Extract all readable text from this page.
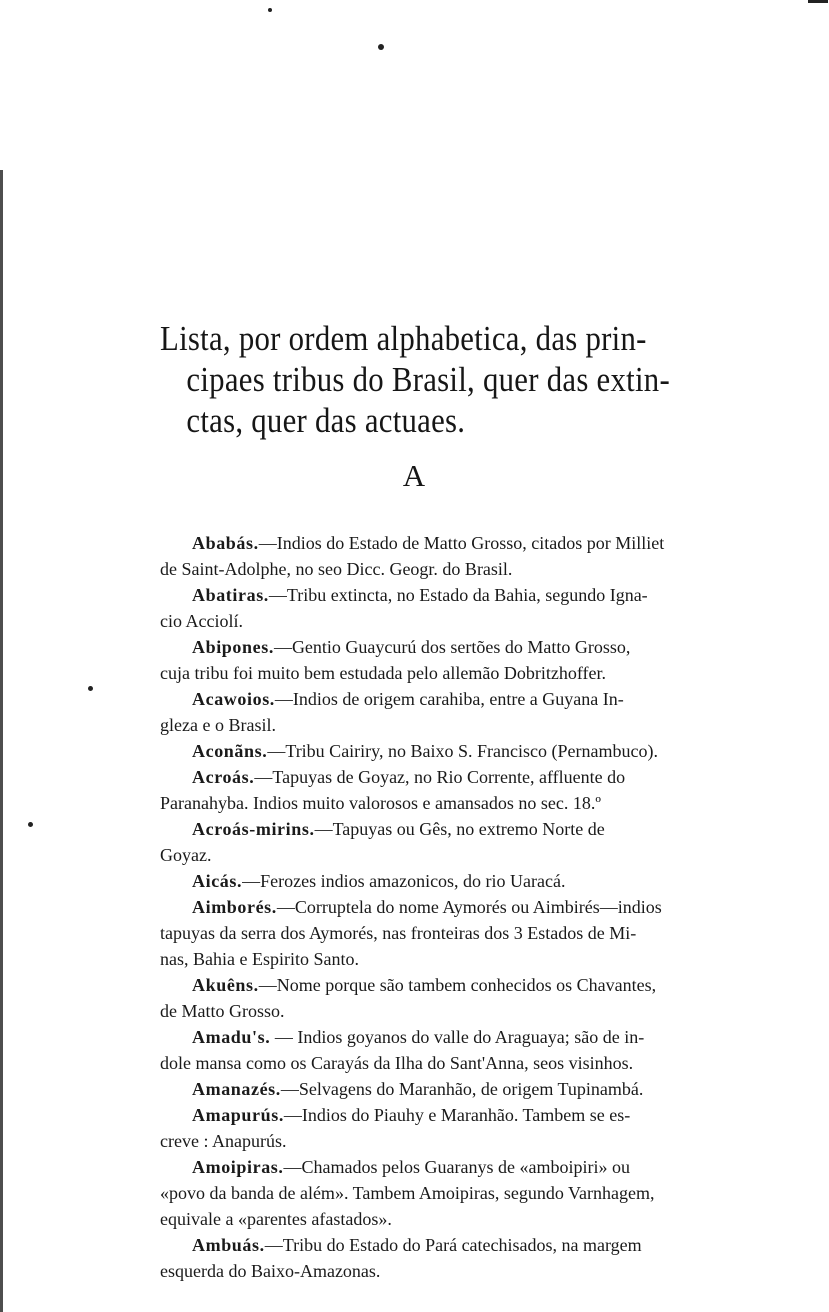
Lista, por ordem alphabetica, das prin-
cipaes tribus do Brasil, quer das extin-
ctas, quer das actuaes.
A
Ababás.—Indios do Estado de Matto Grosso, citados por Milliet
de Saint-Adolphe, no seo Dicc. Geogr. do Brasil.
Abatiras.—Tribu extincta, no Estado da Bahia, segundo Igna-
cio Acciolí.
Abipones.—Gentio Guaycurú dos sertões do Matto Grosso,
cuja tribu foi muito bem estudada pelo allemão Dobritzhoffer.
Acawoios.—Indios de origem carahiba, entre a Guyana In-
gleza e o Brasil.
Aconãns.—Tribu Cairiry, no Baixo S. Francisco (Pernambuco).
Acroás.—Tapuyas de Goyaz, no Rio Corrente, affluente do
Paranahyba. Indios muito valorosos e amansados no sec. 18.º
Acroás-mirins.—Tapuyas ou Gês, no extremo Norte de
Goyaz.
Aicás.—Ferozes indios amazonicos, do rio Uaracá.
Aimborés.—Corruptela do nome Aymorés ou Aimbirés—indios
tapuyas da serra dos Aymorés, nas fronteiras dos 3 Estados de Mi-
nas, Bahia e Espirito Santo.
Akuêns.—Nome porque são tambem conhecidos os Chavantes,
de Matto Grosso.
Amadu's. — Indios goyanos do valle do Araguaya; são de in-
dole mansa como os Carayás da Ilha do Sant'Anna, seos visinhos.
Amanazés.—Selvagens do Maranhão, de origem Tupinambá.
Amapurús.—Indios do Piauhy e Maranhão. Tambem se es-
creve : Anapurús.
Amoipiras.—Chamados pelos Guaranys de «amboipiri» ou
«povo da banda de além». Tambem Amoipiras, segundo Varnhagem,
equivale a «parentes afastados».
Ambuás.—Tribu do Estado do Pará catechisados, na margem
esquerda do Baixo-Amazonas.
